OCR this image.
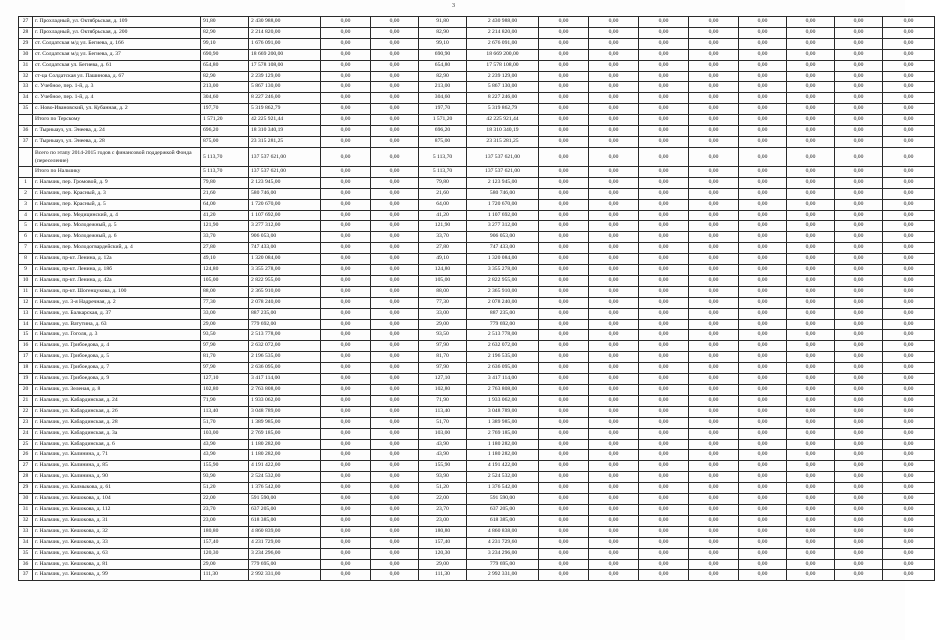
3
27	г. Прохладный, ул. Октябрьская, д. 109	91,80	2 430 988,00	0,00	0,00	91,80	2 430 988,00	0,00	0,00	0,00	0,00	0,00	0,00	0,00	0,00
28	г. Прохладный, ул. Октябрьская, д. 200	82,90	2 214 820,00	0,00	0,00	82,90	2 214 820,00	0,00	0,00	0,00	0,00	0,00	0,00	0,00	0,00
29	ст. Солдатская м/д ул. Бегиева, д. 166	99,10	1 676 091,00	0,00	0,00	99,10	2 676 091,00	0,00	0,00	0,00	0,00	0,00	0,00	0,00	0,00
30	ст. Солдатская м/д ул. Бегиева, д. 37	690,90	18 669 200,00	0,00	0,00	690,90	18 669 200,00	0,00	0,00	0,00	0,00	0,00	0,00	0,00	0,00
31	ст. Солдатская ул. Бегиева, д. 61	654,80	17 578 108,00	0,00	0,00	654,80	17 578 108,00	0,00	0,00	0,00	0,00	0,00	0,00	0,00	0,00
32	ст-ца Солдатская ул. Пашинова, д. 67	82,90	2 239 129,00	0,00	0,00	82,90	2 239 129,00	0,00	0,00	0,00	0,00	0,00	0,00	0,00	0,00
33	с. Учебное, пер. 1-й, д. 3	213,00	5 867 130,00	0,00	0,00	213,00	5 867 130,00	0,00	0,00	0,00	0,00	0,00	0,00	0,00	0,00
34	с. Учебное, пер. 1-й, д. 4	304,60	8 227 246,00	0,00	0,00	304,60	8 227 246,00	0,00	0,00	0,00	0,00	0,00	0,00	0,00	0,00
35	с. Ново-Ивановский, ул. Кубанная, д. 2	197,70	5 319 862,79	0,00	0,00	197,70	5 319 862,79	0,00	0,00	0,00	0,00	0,00	0,00	0,00	0,00
	Итого по Терскому	1 571,20	42 225 921,44	0,00	0,00	1 571,20	42 225 921,44	0,00	0,00	0,00	0,00	0,00	0,00	0,00	0,00
36	г. Тырныауз, ул. Энеева, д. 24	696,20	18 310 340,19	0,00	0,00	696,20	18 310 340,19	0,00	0,00	0,00	0,00	0,00	0,00	0,00	0,00
37	г. Тырныауз, ул. Энеева, д. 28	875,00	23 315 281,25	0,00	0,00	875,00	23 315 281,25	0,00	0,00	0,00	0,00	0,00	0,00	0,00	0,00
	Всего по этапу 2014-2015 годов с финансовой поддержкой Фонда (переселение)	5 113,70	137 537 621,00	0,00	0,00	5 113,70	137 537 621,00	0,00	0,00	0,00	0,00	0,00	0,00	0,00	0,00
	Итого по Нальчику	5 113,70	137 537 621,00	0,00	0,00	5 113,70	137 537 621,00	0,00	0,00	0,00	0,00	0,00	0,00	0,00	0,00
1	г. Нальчик, пер. Громовой, д. 9	79,80	2 123 945,00	0,00	0,00	79,80	2 123 945,00	0,00	0,00	0,00	0,00	0,00	0,00	0,00	0,00
2	г. Нальчик, пер. Красный, д. 3	21,60	580 746,00	0,00	0,00	21,60	580 746,00	0,00	0,00	0,00	0,00	0,00	0,00	0,00	0,00
3	г. Нальчик, пер. Красный, д. 5	64,00	1 720 670,00	0,00	0,00	64,00	1 720 670,00	0,00	0,00	0,00	0,00	0,00	0,00	0,00	0,00
4	г. Нальчик, пер. Медицинский, д. 4	41,20	1 107 692,00	0,00	0,00	41,20	1 107 692,00	0,00	0,00	0,00	0,00	0,00	0,00	0,00	0,00
5	г. Нальчик, пер. Молодежный, д. 5	121,90	3 277 312,00	0,00	0,00	121,90	3 277 312,00	0,00	0,00	0,00	0,00	0,00	0,00	0,00	0,00
6	г. Нальчик, пер. Молодежный, д. 6	33,70	906 053,00	0,00	0,00	33,70	906 053,00	0,00	0,00	0,00	0,00	0,00	0,00	0,00	0,00
7	г. Нальчик, пер. Молодогвардейский, д. 4	27,80	747 433,00	0,00	0,00	27,80	747 433,00	0,00	0,00	0,00	0,00	0,00	0,00	0,00	0,00
8	г. Нальчик, пр-кт. Ленина, д. 12а	49,10	1 320 084,00	0,00	0,00	49,10	1 320 084,00	0,00	0,00	0,00	0,00	0,00	0,00	0,00	0,00
9	г. Нальчик, пр-кт. Ленина, д. 18б	124,80	3 355 278,00	0,00	0,00	124,80	3 355 278,00	0,00	0,00	0,00	0,00	0,00	0,00	0,00	0,00
10	г. Нальчик, пр-кт. Ленина, д. 42а	105,00	2 822 955,00	0,00	0,00	105,00	2 822 955,00	0,00	0,00	0,00	0,00	0,00	0,00	0,00	0,00
11	г. Нальчик, пр-кт. Шогенцукова, д. 100	88,00	2 365 910,00	0,00	0,00	88,00	2 365 910,00	0,00	0,00	0,00	0,00	0,00	0,00	0,00	0,00
12	г. Нальчик, ул. 3-я Надречная, д. 2	77,30	2 078 240,00	0,00	0,00	77,30	2 078 240,00	0,00	0,00	0,00	0,00	0,00	0,00	0,00	0,00
13	г. Нальчик, ул. Балкарская, д. 37	33,00	887 235,00	0,00	0,00	33,00	887 235,00	0,00	0,00	0,00	0,00	0,00	0,00	0,00	0,00
14	г. Нальчик, ул. Ватутина, д. 63	29,00	779 692,00	0,00	0,00	29,00	779 692,00	0,00	0,00	0,00	0,00	0,00	0,00	0,00	0,00
15	г. Нальчик, ул. Гоголя, д. 3	93,50	2 513 778,00	0,00	0,00	93,50	2 513 778,00	0,00	0,00	0,00	0,00	0,00	0,00	0,00	0,00
16	г. Нальчик, ул. Грибоедова, д. 4	97,90	2 632 072,00	0,00	0,00	97,90	2 632 072,00	0,00	0,00	0,00	0,00	0,00	0,00	0,00	0,00
17	г. Нальчик, ул. Грибоедова, д. 5	81,70	2 196 535,00	0,00	0,00	81,70	2 196 535,00	0,00	0,00	0,00	0,00	0,00	0,00	0,00	0,00
18	г. Нальчик, ул. Грибоедова, д. 7	97,90	2 636 095,00	0,00	0,00	97,90	2 636 095,00	0,00	0,00	0,00	0,00	0,00	0,00	0,00	0,00
19	г. Нальчик, ул. Грибоедова, д. 9	127,10	3 417 114,00	0,00	0,00	127,10	3 417 114,00	0,00	0,00	0,00	0,00	0,00	0,00	0,00	0,00
20	г. Нальчик, ул. Зеленая, д. 8	102,80	2 763 808,00	0,00	0,00	102,80	2 763 808,00	0,00	0,00	0,00	0,00	0,00	0,00	0,00	0,00
21	г. Нальчик, ул. Кабардинская, д. 24	71,90	1 933 062,00	0,00	0,00	71,90	1 933 062,00	0,00	0,00	0,00	0,00	0,00	0,00	0,00	0,00
22	г. Нальчик, ул. Кабардинская, д. 26	113,40	3 048 789,00	0,00	0,00	113,40	3 048 789,00	0,00	0,00	0,00	0,00	0,00	0,00	0,00	0,00
23	г. Нальчик, ул. Кабардинская, д. 28	51,70	1 389 985,00	0,00	0,00	51,70	1 389 985,00	0,00	0,00	0,00	0,00	0,00	0,00	0,00	0,00
24	г. Нальчик, ул. Кабардинская, д. 3а	103,00	2 769 185,00	0,00	0,00	103,00	2 769 185,00	0,00	0,00	0,00	0,00	0,00	0,00	0,00	0,00
25	г. Нальчик, ул. Кабардинская, д. 6	43,90	1 180 282,00	0,00	0,00	43,90	1 180 282,00	0,00	0,00	0,00	0,00	0,00	0,00	0,00	0,00
26	г. Нальчик, ул. Калинина, д. 71	43,90	1 180 282,00	0,00	0,00	43,90	1 180 282,00	0,00	0,00	0,00	0,00	0,00	0,00	0,00	0,00
27	г. Нальчик, ул. Калинина, д. 85	155,90	4 191 422,00	0,00	0,00	155,90	4 191 422,00	0,00	0,00	0,00	0,00	0,00	0,00	0,00	0,00
28	г. Нальчик, ул. Калинина, д. 90	93,90	2 524 532,00	0,00	0,00	93,90	2 524 532,00	0,00	0,00	0,00	0,00	0,00	0,00	0,00	0,00
29	г. Нальчик, ул. Калмыкова, д. 61	51,20	1 376 542,00	0,00	0,00	51,20	1 376 542,00	0,00	0,00	0,00	0,00	0,00	0,00	0,00	0,00
30	г. Нальчик, ул. Кешокова, д. 104	22,00	591 590,00	0,00	0,00	22,00	591 590,00	0,00	0,00	0,00	0,00	0,00	0,00	0,00	0,00
31	г. Нальчик, ул. Кешокова, д. 112	23,70	637 205,00	0,00	0,00	23,70	637 205,00	0,00	0,00	0,00	0,00	0,00	0,00	0,00	0,00
32	г. Нальчик, ул. Кешокова, д. 31	23,00	618 385,00	0,00	0,00	23,00	618 385,00	0,00	0,00	0,00	0,00	0,00	0,00	0,00	0,00
33	г. Нальчик, ул. Кешокова, д. 32	180,80	4 860 839,00	0,00	0,00	180,80	4 860 838,00	0,00	0,00	0,00	0,00	0,00	0,00	0,00	0,00
34	г. Нальчик, ул. Кешокова, д. 33	157,40	4 231 729,00	0,00	0,00	157,40	4 231 729,60	0,00	0,00	0,00	0,00	0,00	0,00	0,00	0,00
35	г. Нальчик, ул. Кешокова, д. 63	120,30	3 234 296,00	0,00	0,00	120,30	3 234 296,00	0,00	0,00	0,00	0,00	0,00	0,00	0,00	0,00
36	г. Нальчик, ул. Кешокова, д. 81	29,00	779 695,00	0,00	0,00	29,00	779 695,00	0,00	0,00	0,00	0,00	0,00	0,00	0,00	0,00
37	г. Нальчик, ул. Кешокова, д. 99	111,30	2 992 331,00	0,00	0,00	111,30	2 992 331,00	0,00	0,00	0,00	0,00	0,00	0,00	0,00	0,00
